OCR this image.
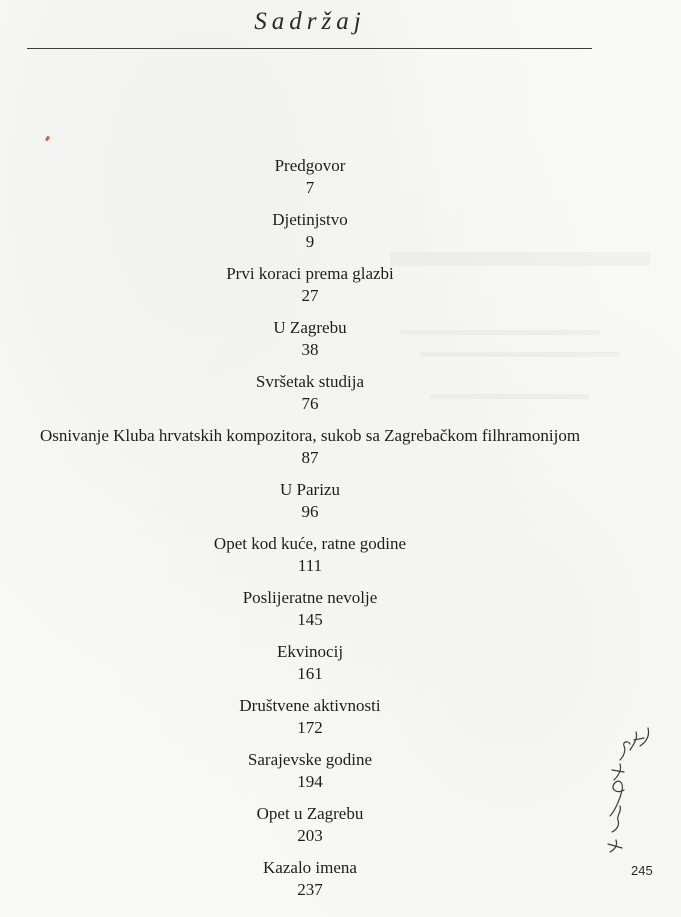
Sadržaj
Predgovor
7
Djetinjstvo
9
Prvi koraci prema glazbi
27
U Zagrebu
38
Svršetak studija
76
Osnivanje Kluba hrvatskih kompozitora, sukob sa Zagrebačkom filhramonijom
87
U Parizu
96
Opet kod kuće, ratne godine
111
Poslijeratne nevolje
145
Ekvinocij
161
Društvene aktivnosti
172
Sarajevske godine
194
Opet u Zagrebu
203
Kazalo imena
237
245
